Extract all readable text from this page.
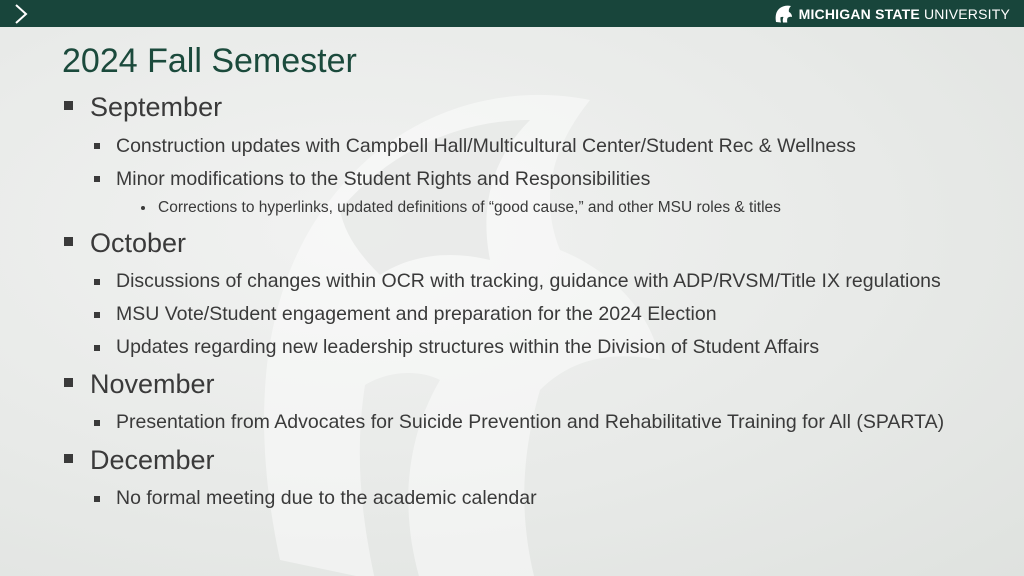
MICHIGAN STATE UNIVERSITY
2024 Fall Semester
September
Construction updates with Campbell Hall/Multicultural Center/Student Rec & Wellness
Minor modifications to the Student Rights and Responsibilities
Corrections to hyperlinks, updated definitions of “good cause,” and other MSU roles & titles
October
Discussions of changes within OCR with tracking, guidance with ADP/RVSM/Title IX regulations
MSU Vote/Student engagement and preparation for the 2024 Election
Updates regarding new leadership structures within the Division of Student Affairs
November
Presentation from Advocates for Suicide Prevention and Rehabilitative Training for All (SPARTA)
December
No formal meeting due to the academic calendar
